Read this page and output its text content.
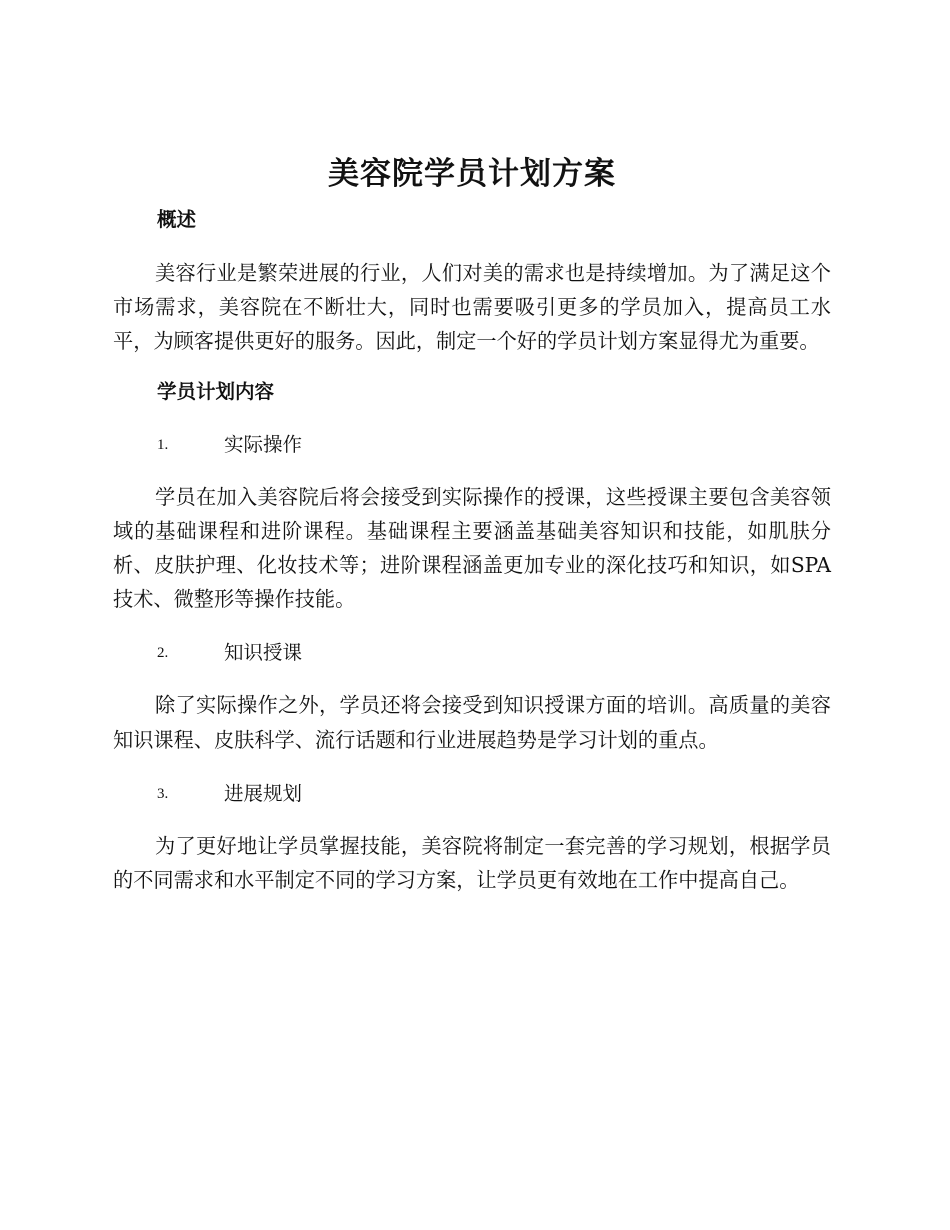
美容院学员计划方案
概述

美容行业是繁荣进展的行业，人们对美的需求也是持续增加。为了满足这个市场需求，美容院在不断壮大，同时也需要吸引更多的学员加入，提高员工水平，为顾客提供更好的服务。因此，制定一个好的学员计划方案显得尤为重要。

学员计划内容
1.	实际操作

学员在加入美容院后将会接受到实际操作的授课，这些授课主要包含美容领域的基础课程和进阶课程。基础课程主要涵盖基础美容知识和技能，如肌肤分析、皮肤护理、化妆技术等；进阶课程涵盖更加专业的深化技巧和知识，如SPA技术、微整形等操作技能。

2.	知识授课

除了实际操作之外，学员还将会接受到知识授课方面的培训。高质量的美容知识课程、皮肤科学、流行话题和行业进展趋势是学习计划的重点。

3.	进展规划

为了更好地让学员掌握技能，美容院将制定一套完善的学习规划，根据学员的不同需求和水平制定不同的学习方案，让学员更有效地在工作中提高自己。
